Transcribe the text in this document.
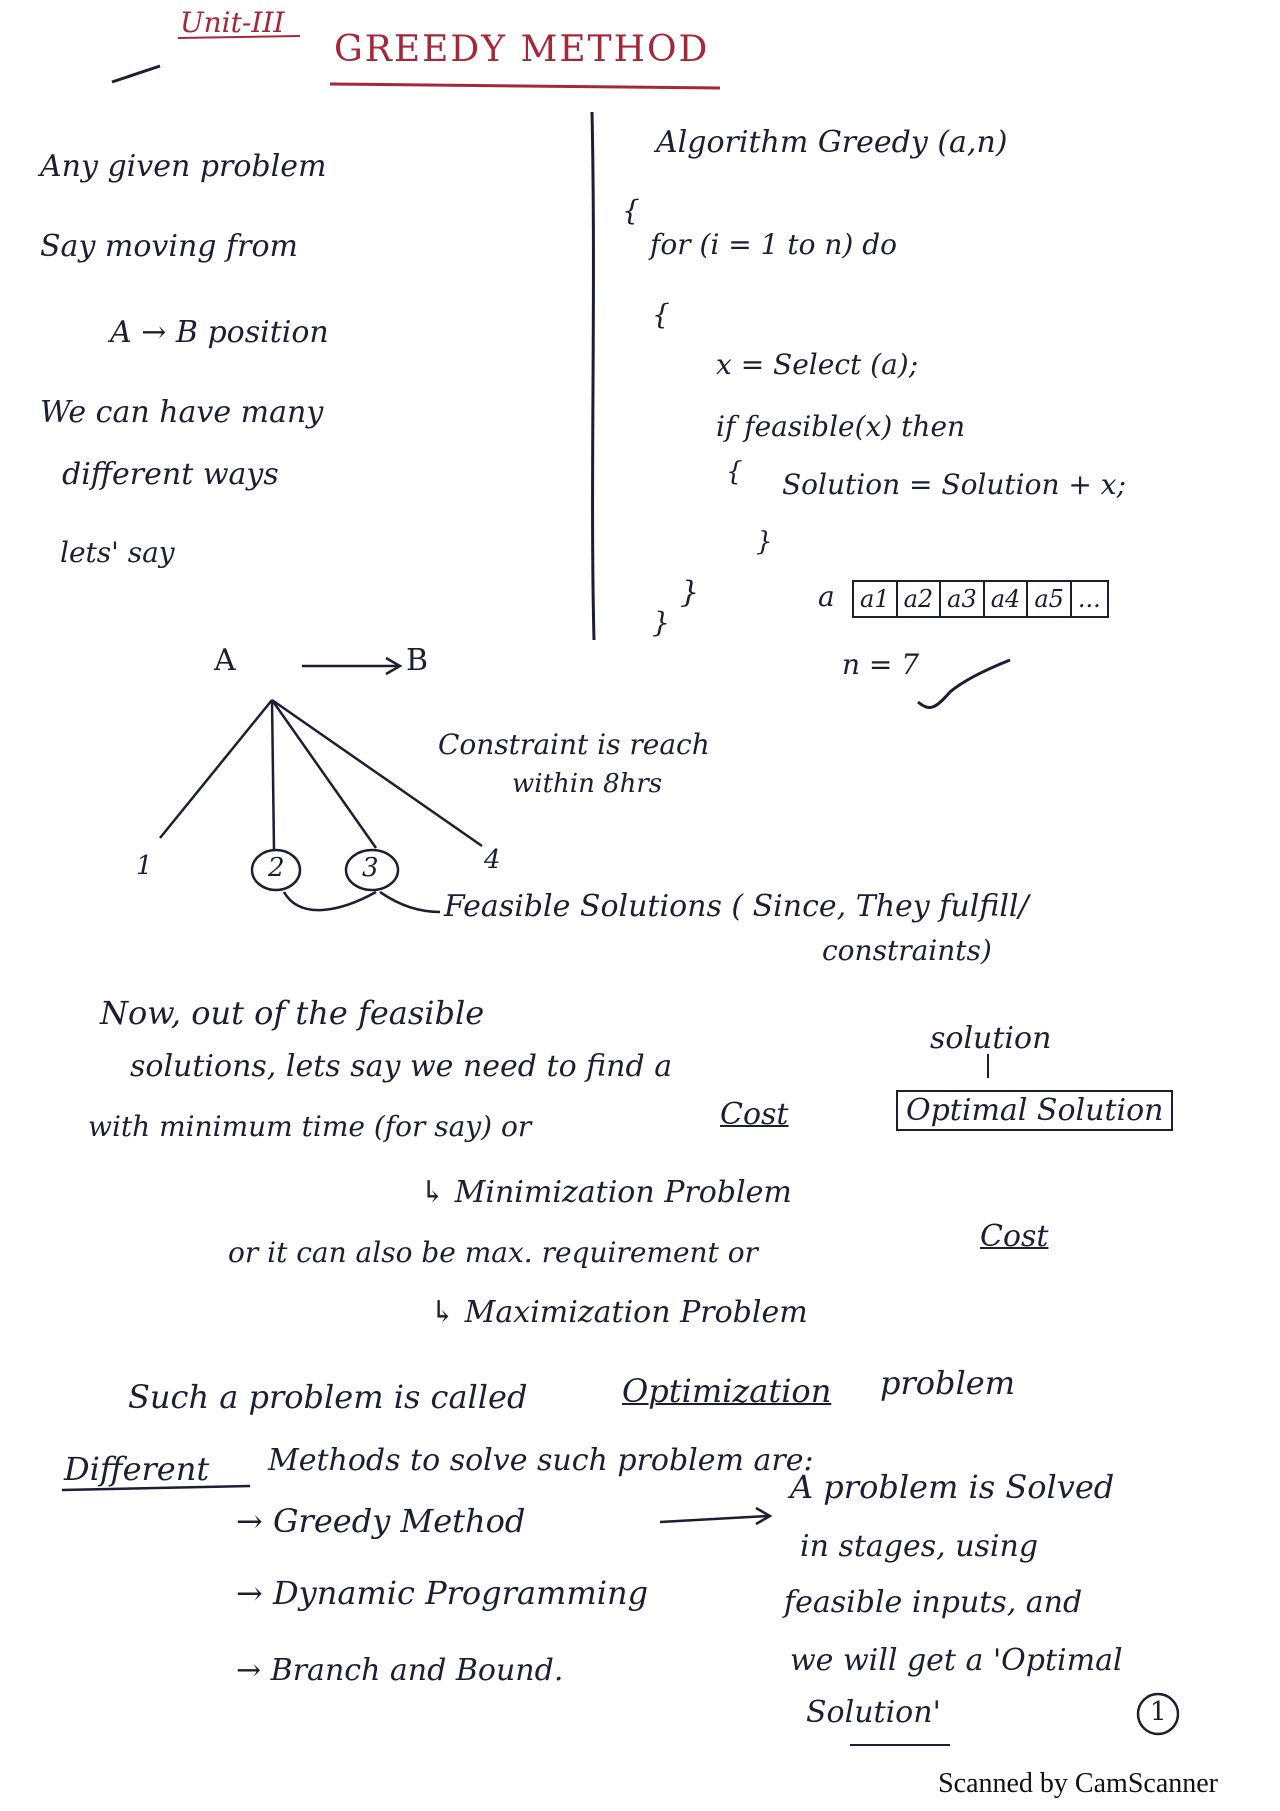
Unit-III
GREEDY METHOD
Any given problem
Say moving from
A → B position
We can have many
different ways
lets' say
Algorithm Greedy (a,n)
{
for (i = 1 to n) do
{
x = Select (a);
if feasible(x) then
{ Solution = Solution + x;
}
}
}
a	a1 a2 a3 a4 a5 ...
n = 7
A	B
Constraint is reach
within 8hrs
1	2	3	4
Feasible Solutions ( Since, They fulfill/
constraints)
Now, out of the feasible
solutions, lets say we need to find a
solution
with minimum time (for say) or	Cost	Optimal Solution
↳ Minimization Problem
or it can also be max. requirement or	Cost
↳ Maximization Problem
Such a problem is called	Optimization problem
Different Methods to solve such problem are:
→ Greedy Method
→ Dynamic Programming
→ Branch and Bound.
A problem is Solved
in stages, using
feasible inputs, and
we will get a 'Optimal
Solution'	1
Scanned by CamScanner
